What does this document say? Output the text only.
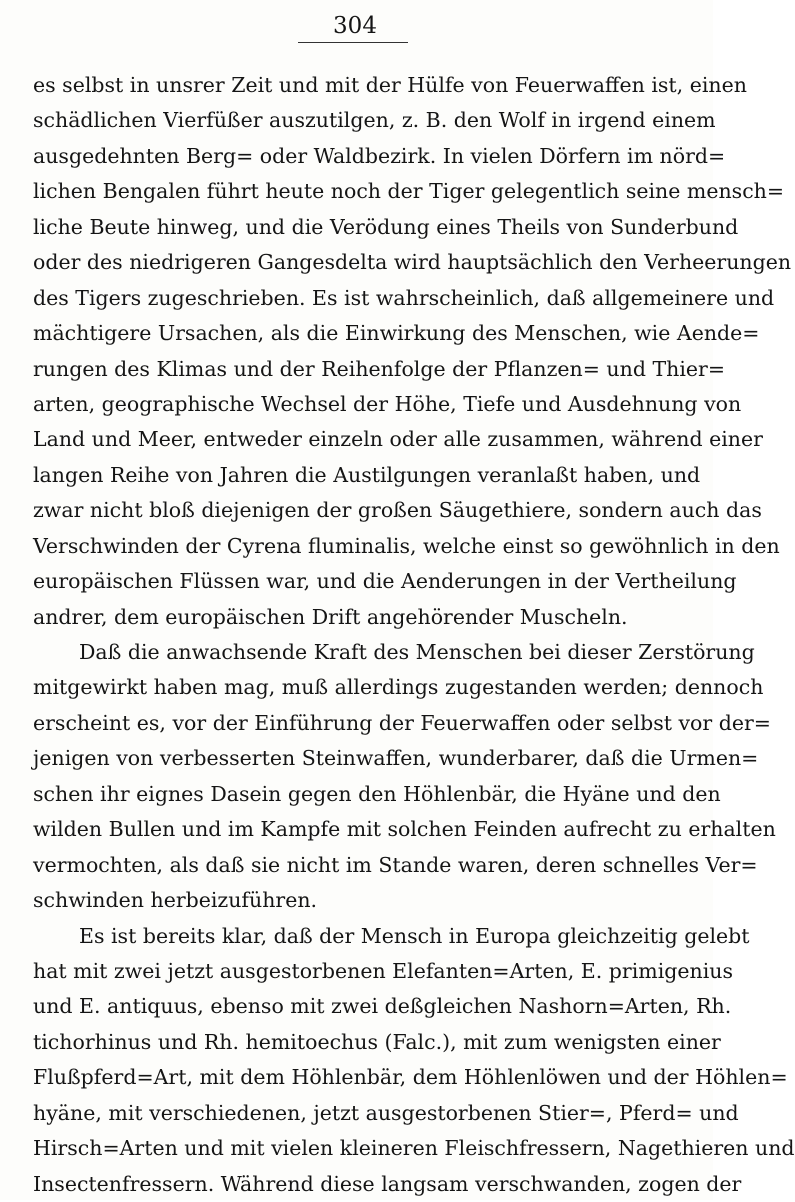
304
es selbst in unsrer Zeit und mit der Hülfe von Feuerwaffen ist, einen
schädlichen Vierfüßer auszutilgen, z. B. den Wolf in irgend einem
ausgedehnten Berg= oder Waldbezirk. In vielen Dörfern im nörd=
lichen Bengalen führt heute noch der Tiger gelegentlich seine mensch=
liche Beute hinweg, und die Verödung eines Theils von Sunderbund
oder des niedrigeren Gangesdelta wird hauptsächlich den Verheerungen
des Tigers zugeschrieben. Es ist wahrscheinlich, daß allgemeinere und
mächtigere Ursachen, als die Einwirkung des Menschen, wie Aende=
rungen des Klimas und der Reihenfolge der Pflanzen= und Thier=
arten, geographische Wechsel der Höhe, Tiefe und Ausdehnung von
Land und Meer, entweder einzeln oder alle zusammen, während einer
langen Reihe von Jahren die Austilgungen veranlaßt haben, und
zwar nicht bloß diejenigen der großen Säugethiere, sondern auch das
Verschwinden der Cyrena fluminalis, welche einst so gewöhnlich in den
europäischen Flüssen war, und die Aenderungen in der Vertheilung
andrer, dem europäischen Drift angehörender Muscheln.
Daß die anwachsende Kraft des Menschen bei dieser Zerstörung
mitgewirkt haben mag, muß allerdings zugestanden werden; dennoch
erscheint es, vor der Einführung der Feuerwaffen oder selbst vor der=
jenigen von verbesserten Steinwaffen, wunderbarer, daß die Urmen=
schen ihr eignes Dasein gegen den Höhlenbär, die Hyäne und den
wilden Bullen und im Kampfe mit solchen Feinden aufrecht zu erhalten
vermochten, als daß sie nicht im Stande waren, deren schnelles Ver=
schwinden herbeizuführen.
Es ist bereits klar, daß der Mensch in Europa gleichzeitig gelebt
hat mit zwei jetzt ausgestorbenen Elefanten=Arten, E. primigenius
und E. antiquus, ebenso mit zwei deßgleichen Nashorn=Arten, Rh.
tichorhinus und Rh. hemitoechus (Falc.), mit zum wenigsten einer
Flußpferd=Art, mit dem Höhlenbär, dem Höhlenlöwen und der Höhlen=
hyäne, mit verschiedenen, jetzt ausgestorbenen Stier=, Pferd= und
Hirsch=Arten und mit vielen kleineren Fleischfressern, Nagethieren und
Insectenfressern. Während diese langsam verschwanden, zogen der
